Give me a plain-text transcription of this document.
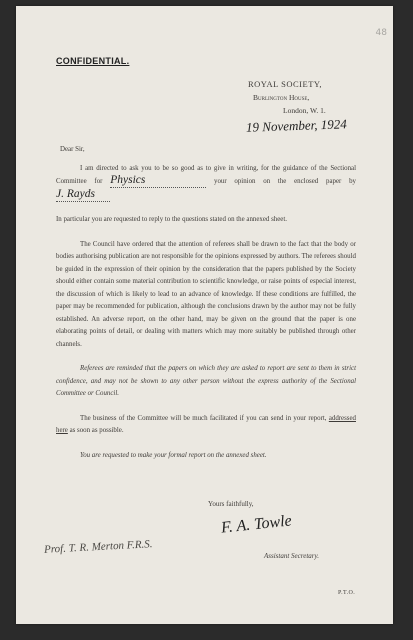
48
CONFIDENTIAL.
ROYAL SOCIETY,
Burlington House,
London, W. 1.
19 November, 1924

Dear Sir,

I am directed to ask you to be so good as to give in writing, for the guidance of the Sectional Committee for Physics	your opinion on the enclosed paper by J. Rayds

In particular you are requested to reply to the questions stated on the annexed sheet.

The Council have ordered that the attention of referees shall be drawn to the fact that the body or bodies authorising publication are not responsible for the opinions expressed by authors. The referees should be guided in the expression of their opinion by the consideration that the papers published by the Society should either contain some material contribution to scientific knowledge, or raise points of especial interest, the discussion of which is likely to lead to an advance of knowledge. If these conditions are fulfilled, the paper may be recommended for publication, although the conclusions drawn by the author may not be fully established. An adverse report, on the other hand, may be given on the ground that the paper is one elaborating points of detail, or dealing with matters which may more suitably be published through other channels.

Referees are reminded that the papers on which they are asked to report are sent to them in strict confidence, and may not be shown to any other person without the express authority of the Sectional Committee or Council.

The business of the Committee will be much facilitated if you can send in your report, addressed here as soon as possible.

You are requested to make your formal report on the annexed sheet.

Yours faithfully,
F. A. Towle
Assistant Secretary.
Prof. T. R. Merton F.R.S.
P.T.O.
